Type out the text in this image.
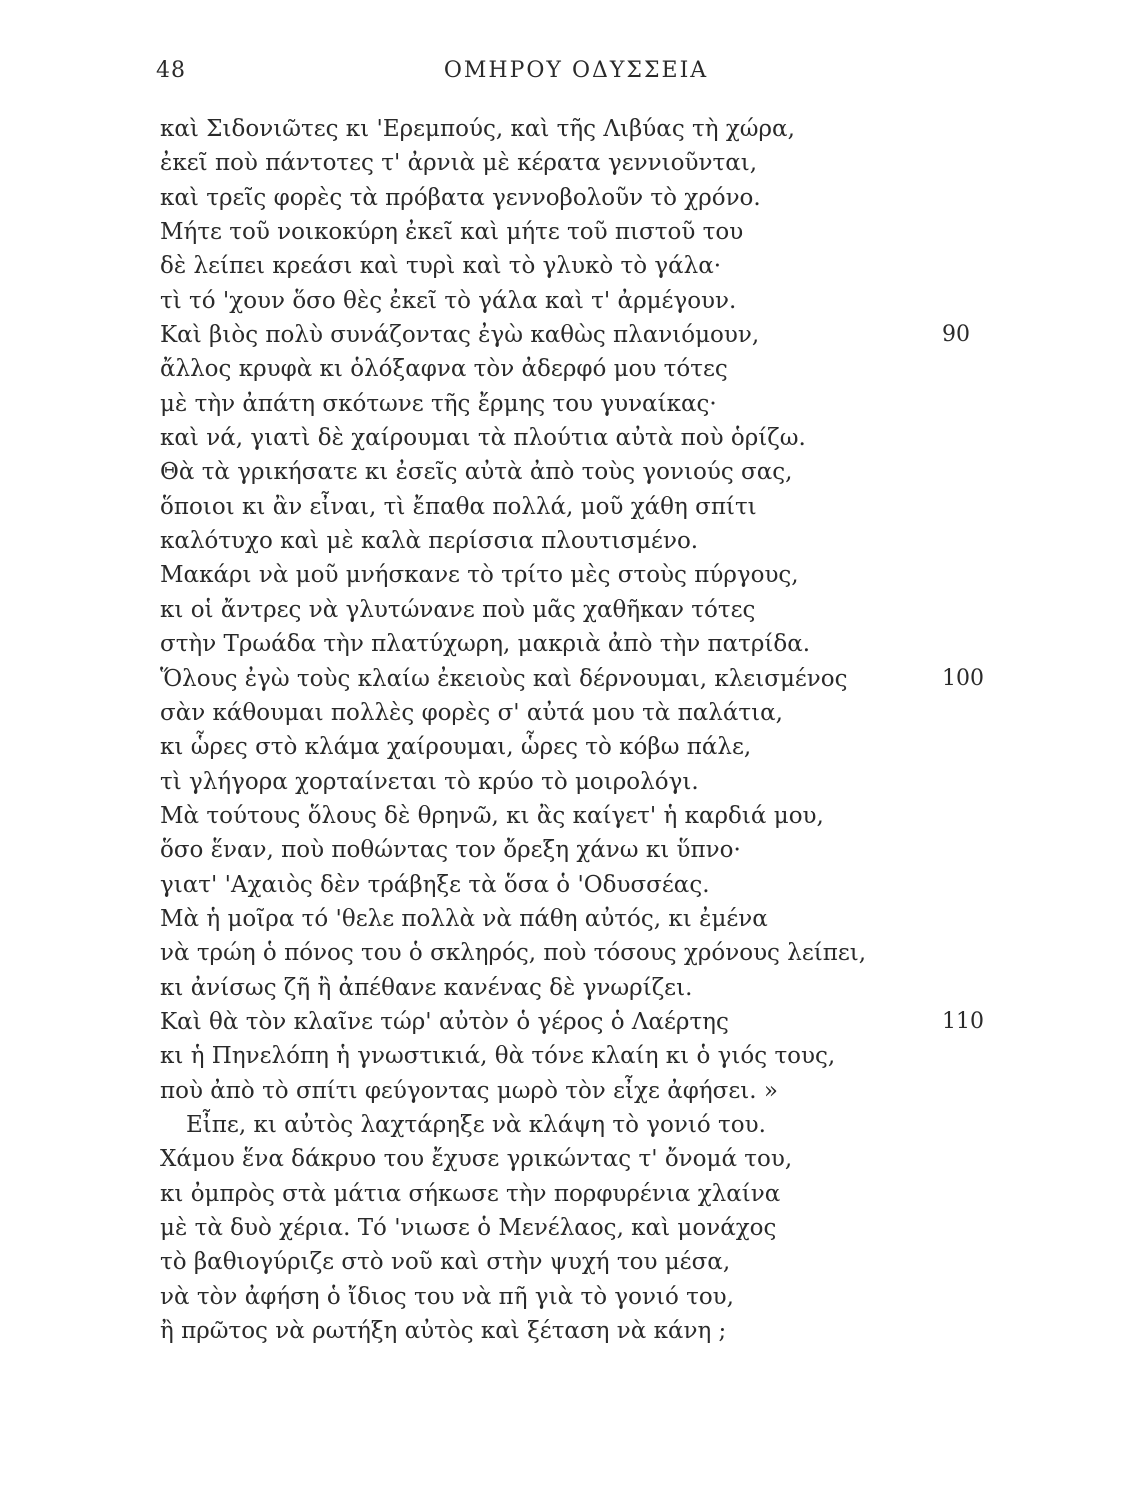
48	ΟΜΗΡΟΥ ΟΔΥΣΣΕΙΑ
καὶ Σιδονιῶτες κι 'Ερεμπούς, καὶ τῆς Λιβύας τὴ χώρα,
ἐκεῖ ποὺ πάντοτες τ' ἀρνιὰ μὲ κέρατα γεννιοῦνται,
καὶ τρεῖς φορὲς τὰ πρόβατα γεννοβολοῦν τὸ χρόνο.
Μήτε τοῦ νοικοκύρη ἐκεῖ καὶ μήτε τοῦ πιστοῦ του
δὲ λείπει κρεάσι καὶ τυρὶ καὶ τὸ γλυκὸ τὸ γάλα·
τὶ τό 'χουν ὅσο θὲς ἐκεῖ τὸ γάλα καὶ τ' ἀρμέγουν.
Καὶ βιὸς πολὺ συνάζοντας ἐγὼ καθὼς πλανιόμουν,	90
ἄλλος κρυφὰ κι ὁλόξαφνα τὸν ἀδερφό μου τότες
μὲ τὴν ἀπάτη σκότωνε τῆς ἔρμης του γυναίκας·
καὶ νά, γιατὶ δὲ χαίρουμαι τὰ πλούτια αὐτὰ ποὺ ὁρίζω.
Θὰ τὰ γρικήσατε κι ἐσεῖς αὐτὰ ἀπὸ τοὺς γονιούς σας,
ὅποιοι κι ἂν εἶναι, τὶ ἔπαθα πολλά, μοῦ χάθη σπίτι
καλότυχο καὶ μὲ καλὰ περίσσια πλουτισμένο.
Μακάρι νὰ μοῦ μνήσκανε τὸ τρίτο μὲς στοὺς πύργους,
κι οἱ ἄντρες νὰ γλυτώνανε ποὺ μᾶς χαθῆκαν τότες
στὴν Τρωάδα τὴν πλατύχωρη, μακριὰ ἀπὸ τὴν πατρίδα.
Ὅλους ἐγὼ τοὺς κλαίω ἐκειοὺς καὶ δέρνουμαι, κλεισμένος	100
σὰν κάθουμαι πολλὲς φορὲς σ' αὐτά μου τὰ παλάτια,
κι ὧρες στὸ κλάμα χαίρουμαι, ὧρες τὸ κόβω πάλε,
τὶ γλήγορα χορταίνεται τὸ κρύο τὸ μοιρολόγι.
Μὰ τούτους ὅλους δὲ θρηνῶ, κι ἂς καίγετ' ἡ καρδιά μου,
ὅσο ἕναν, ποὺ ποθώντας τον ὄρεξη χάνω κι ὕπνο·
γιατ' 'Αχαιὸς δὲν τράβηξε τὰ ὅσα ὁ 'Οδυσσέας.
Μὰ ἡ μοῖρα τό 'θελε πολλὰ νὰ πάθη αὐτός, κι ἐμένα
νὰ τρώη ὁ πόνος του ὁ σκληρός, ποὺ τόσους χρόνους λείπει,
κι ἀνίσως ζῆ ἢ ἀπέθανε κανένας δὲ γνωρίζει.
Καὶ θὰ τὸν κλαῖνε τώρ' αὐτὸν ὁ γέρος ὁ Λαέρτης	110
κι ἡ Πηνελόπη ἡ γνωστικιά, θὰ τόνε κλαίη κι ὁ γιός τους,
ποὺ ἀπὸ τὸ σπίτι φεύγοντας μωρὸ τὸν εἶχε ἀφήσει. »
Εἶπε, κι αὐτὸς λαχτάρηξε νὰ κλάψη τὸ γονιό του.
Χάμου ἕνα δάκρυο του ἔχυσε γρικώντας τ' ὄνομά του,
κι ὀμπρὸς στὰ μάτια σήκωσε τὴν πορφυρένια χλαίνα
μὲ τὰ δυὸ χέρια. Τό 'νιωσε ὁ Μενέλαος, καὶ μονάχος
τὸ βαθιογύριζε στὸ νοῦ καὶ στὴν ψυχή του μέσα,
νὰ τὸν ἀφήση ὁ ἴδιος του νὰ πῆ γιὰ τὸ γονιό του,
ἢ πρῶτος νὰ ρωτήξη αὐτὸς καὶ ξέταση νὰ κάνη ;
